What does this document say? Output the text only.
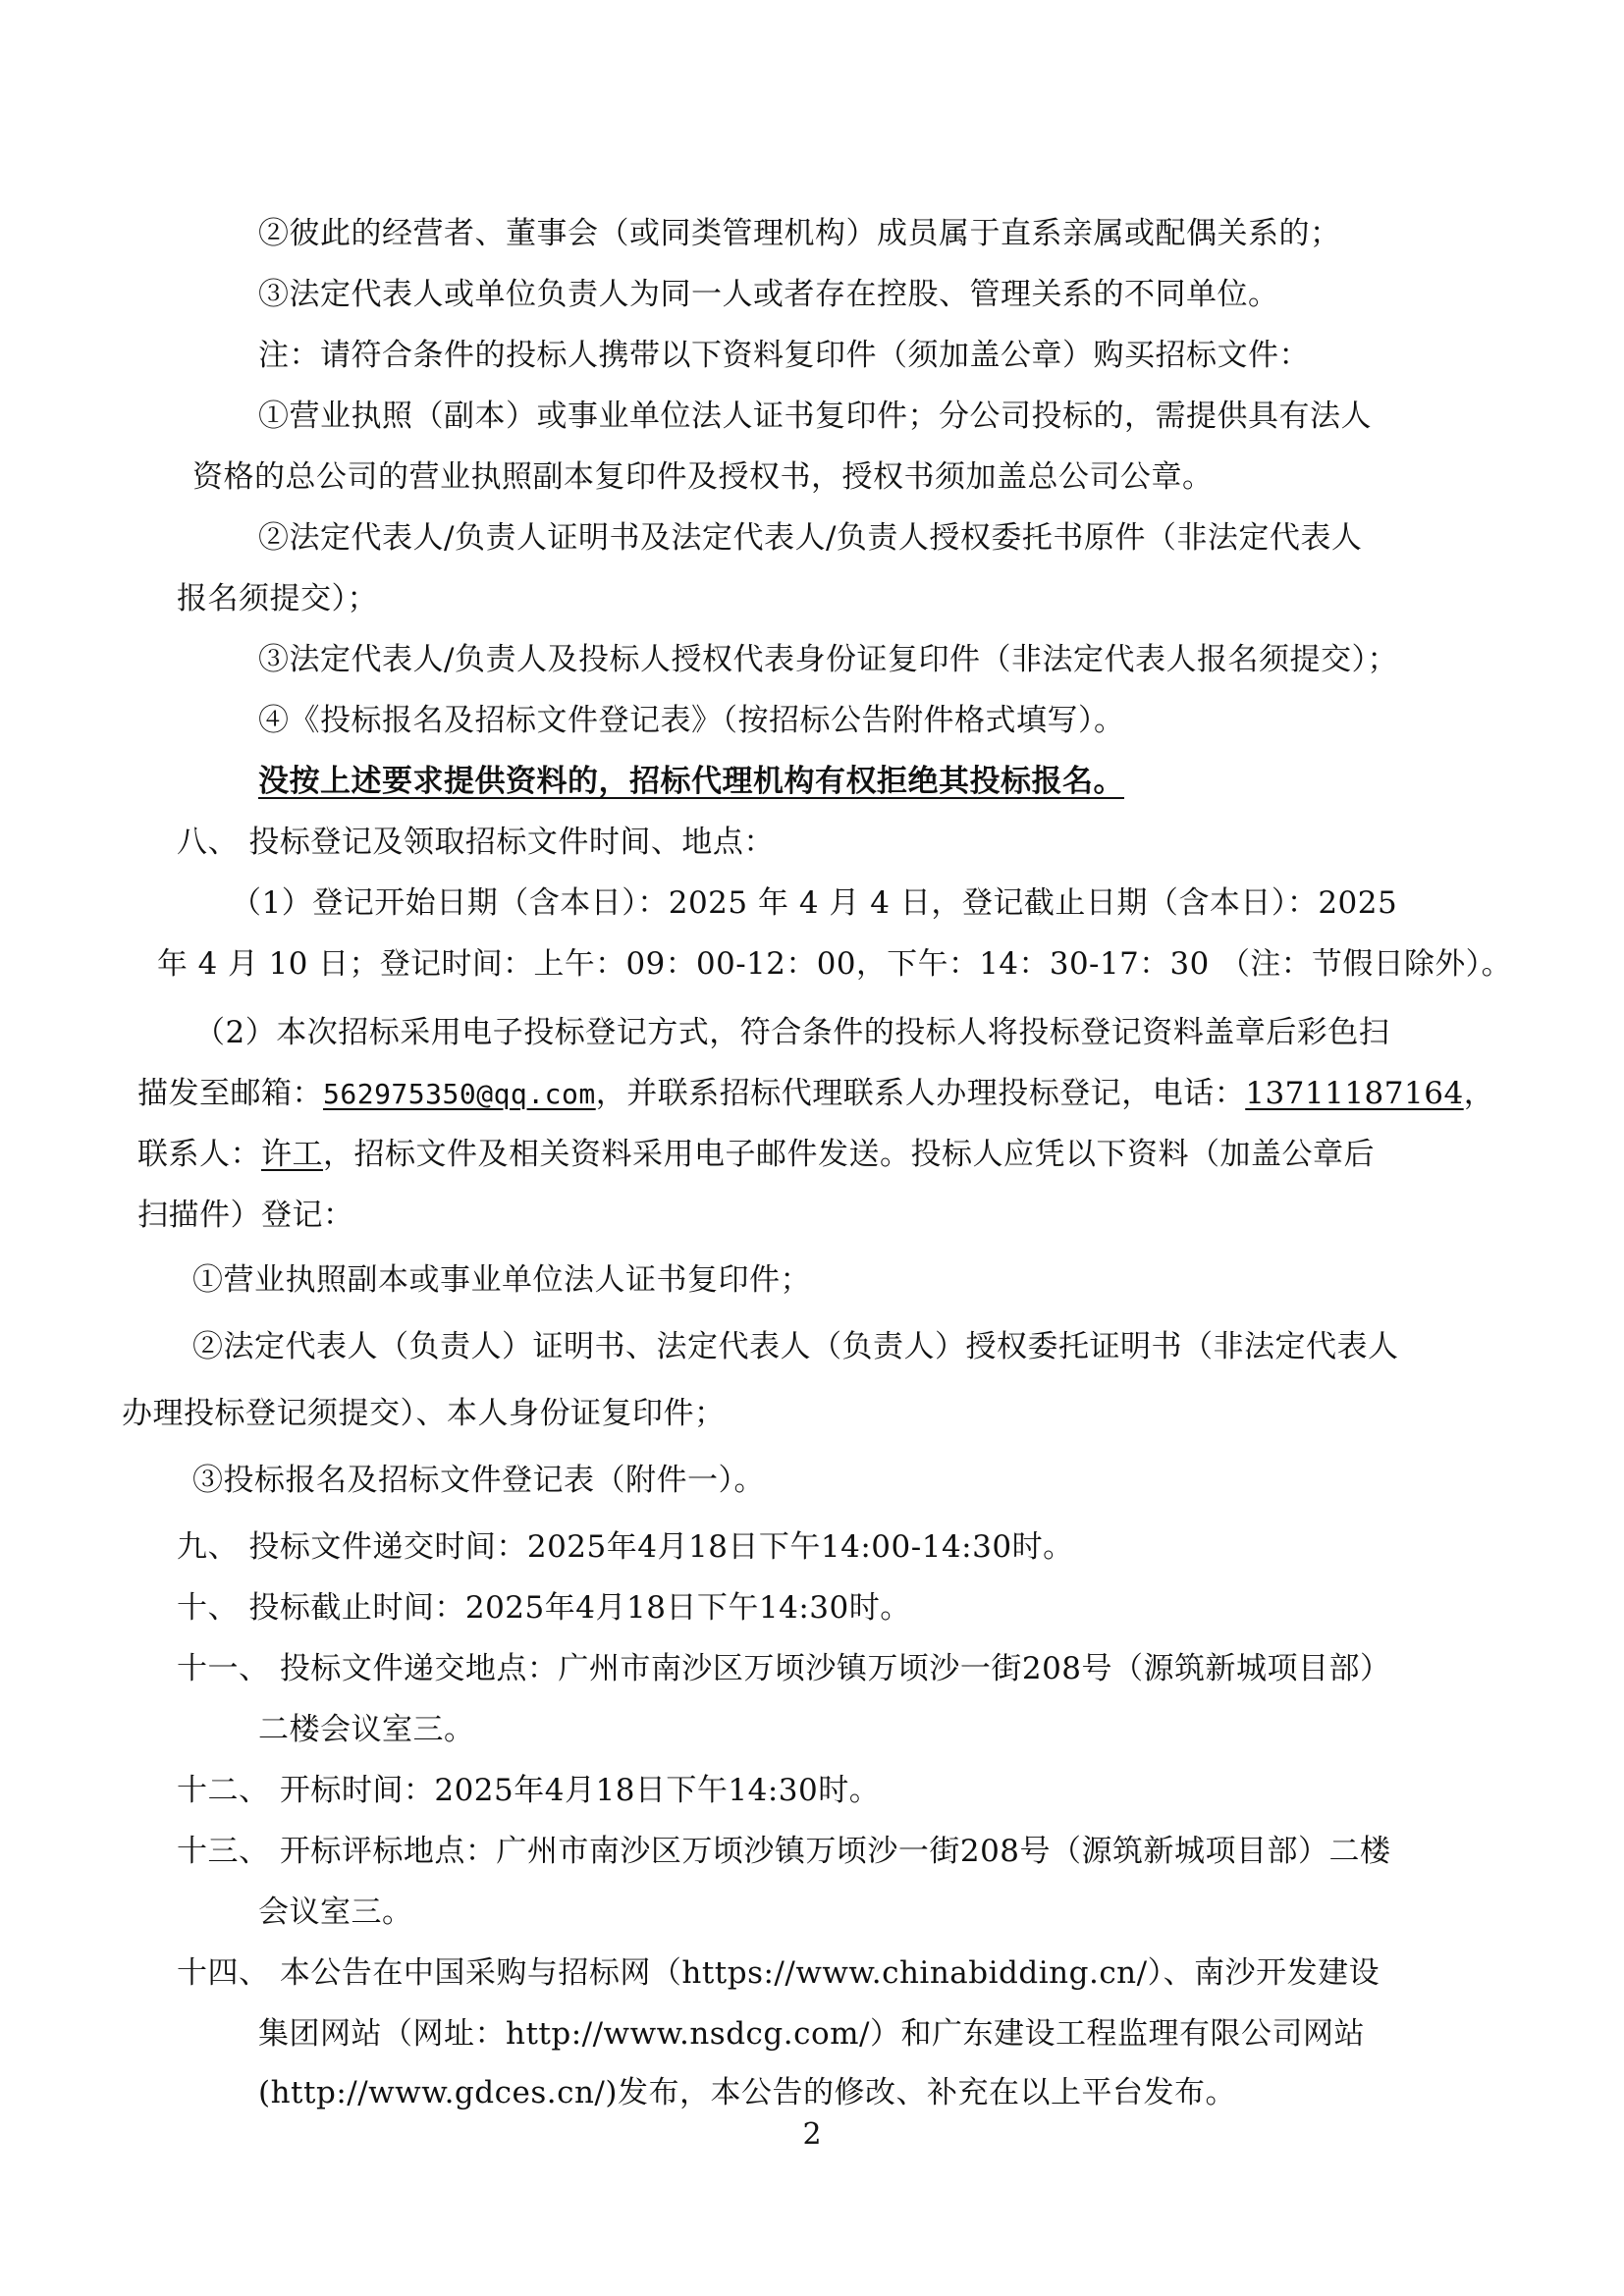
②彼此的经营者、董事会（或同类管理机构）成员属于直系亲属或配偶关系的；
③法定代表人或单位负责人为同一人或者存在控股、管理关系的不同单位。
注：请符合条件的投标人携带以下资料复印件（须加盖公章）购买招标文件：
①营业执照（副本）或事业单位法人证书复印件；分公司投标的，需提供具有法人
资格的总公司的营业执照副本复印件及授权书，授权书须加盖总公司公章。
②法定代表人/负责人证明书及法定代表人/负责人授权委托书原件（非法定代表人
报名须提交）；
③法定代表人/负责人及投标人授权代表身份证复印件（非法定代表人报名须提交）；
④《投标报名及招标文件登记表》（按招标公告附件格式填写）。
没按上述要求提供资料的，招标代理机构有权拒绝其投标报名。
八、 投标登记及领取招标文件时间、地点：
（1）登记开始日期（含本日）：2025 年 4 月 4 日，登记截止日期（含本日）：2025
年 4 月 10 日；登记时间：上午：09：00-12：00，下午：14：30-17：30 （注：节假日除外）。
（2）本次招标采用电子投标登记方式，符合条件的投标人将投标登记资料盖章后彩色扫
描发至邮箱：562975350@qq.com，并联系招标代理联系人办理投标登记，电话：13711187164，
联系人：许工，招标文件及相关资料采用电子邮件发送。投标人应凭以下资料（加盖公章后
扫描件）登记：
①营业执照副本或事业单位法人证书复印件；
②法定代表人（负责人）证明书、法定代表人（负责人）授权委托证明书（非法定代表人
办理投标登记须提交）、本人身份证复印件；
③投标报名及招标文件登记表（附件一）。
九、 投标文件递交时间：2025年4月18日下午14:00-14:30时。
十、 投标截止时间：2025年4月18日下午14:30时。
十一、 投标文件递交地点：广州市南沙区万顷沙镇万顷沙一街208号（源筑新城项目部）
二楼会议室三。
十二、 开标时间：2025年4月18日下午14:30时。
十三、 开标评标地点：广州市南沙区万顷沙镇万顷沙一街208号（源筑新城项目部）二楼
会议室三。
十四、 本公告在中国采购与招标网（https://www.chinabidding.cn/）、南沙开发建设
集团网站（网址：http://www.nsdcg.com/）和广东建设工程监理有限公司网站
(http://www.gdces.cn/)发布，本公告的修改、补充在以上平台发布。
2
